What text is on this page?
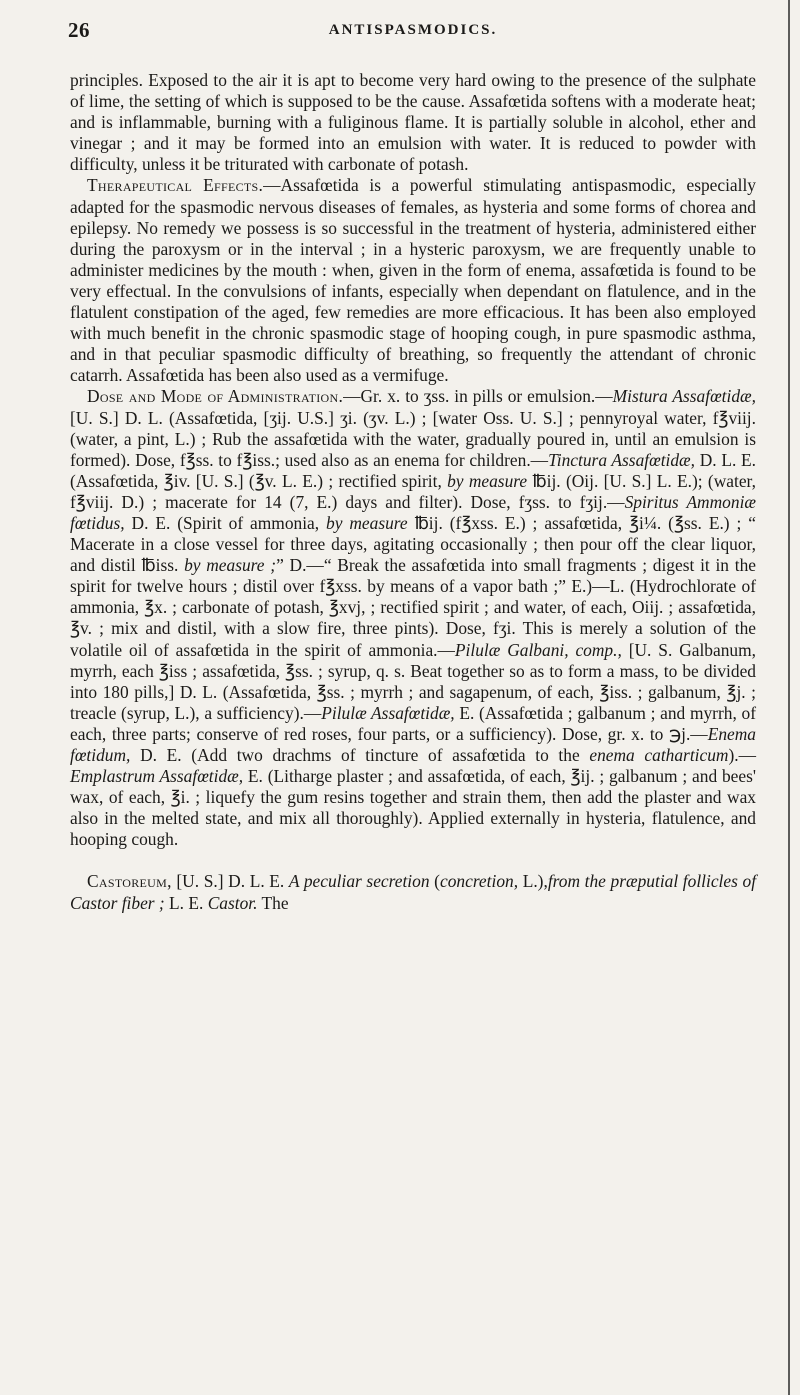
26	ANTISPASMODICS.

principles. Exposed to the air it is apt to become very hard owing to the presence of the sulphate of lime, the setting of which is supposed to be the cause. Assafœtida softens with a moderate heat; and is inflammable, burning with a fuliginous flame. It is partially soluble in alcohol, ether and vinegar ; and it may be formed into an emulsion with water. It is reduced to powder with difficulty, unless it be triturated with carbonate of potash.

Therapeutical Effects.—Assafœtida is a powerful stimulating antispasmodic, especially adapted for the spasmodic nervous diseases of females, as hysteria and some forms of chorea and epilepsy. No remedy we possess is so successful in the treatment of hysteria, administered either during the paroxysm or in the interval ; in a hysteric paroxysm, we are frequently unable to administer medicines by the mouth : when, given in the form of enema, assafœtida is found to be very effectual. In the convulsions of infants, especially when dependant on flatulence, and in the flatulent constipation of the aged, few remedies are more efficacious. It has been also employed with much benefit in the chronic spasmodic stage of hooping cough, in pure spasmodic asthma, and in that peculiar spasmodic difficulty of breathing, so frequently the attendant of chronic catarrh. Assafœtida has been also used as a vermifuge.

Dose and Mode of Administration.—Gr. x. to ʒss. in pills or emulsion.—Mistura Assafœtidæ, [U. S.] D. L. (Assafœtida, [ʒij. U.S.] ʒi. (ʒv. L.) ; [water Oss. U. S.] ; pennyroyal water, f℥viij. (water, a pint, L.) ; Rub the assafœtida with the water, gradually poured in, until an emulsion is formed). Dose, f℥ss. to f℥iss.; used also as an enema for children.—Tinctura Assafœtidæ, D. L. E. (Assafœtida, ℥iv. [U. S.] (℥v. L. E.) ; rectified spirit, by measure ℔ij. (Oij. [U. S.] L. E.); (water, f℥viij. D.) ; macerate for 14 (7, E.) days and filter). Dose, fʒss. to fʒij.—Spiritus Ammoniæ fœtidus, D. E. (Spirit of ammonia, by measure ℔ij. (f℥xss. E.) ; assafœtida, ℥i¼. (℥ss. E.) ; “ Macerate in a close vessel for three days, agitating occasionally ; then pour off the clear liquor, and distil ℔iss. by measure ;” D.—“ Break the assafœtida into small fragments ; digest it in the spirit for twelve hours ; distil over f℥xss. by means of a vapor bath ;” E.)—L. (Hydrochlorate of ammonia, ℥x. ; carbonate of potash, ℥xvj, ; rectified spirit ; and water, of each, Oiij. ; assafœtida, ℥v. ; mix and distil, with a slow fire, three pints). Dose, fʒi. This is merely a solution of the volatile oil of assafœtida in the spirit of ammonia.—Pilulæ Galbani, comp., [U. S. Galbanum, myrrh, each ℥iss ; assafœtida, ℥ss. ; syrup, q. s. Beat together so as to form a mass, to be divided into 180 pills,] D. L. (Assafœtida, ℥ss. ; myrrh ; and sagapenum, of each, ℥iss. ; galbanum, ℥j. ; treacle (syrup, L.), a sufficiency).—Pilulæ Assafœtidæ, E. (Assafœtida ; galbanum ; and myrrh, of each, three parts; conserve of red roses, four parts, or a sufficiency). Dose, gr. x. to ℈j.—Enema fœtidum, D. E. (Add two drachms of tincture of assafœtida to the enema catharticum).—Emplastrum Assafœtidæ, E. (Litharge plaster ; and assafœtida, of each, ℥ij. ; galbanum ; and bees' wax, of each, ℥i. ; liquefy the gum resins together and strain them, then add the plaster and wax also in the melted state, and mix all thoroughly). Applied externally in hysteria, flatulence, and hooping cough.

Castoreum, [U. S.] D. L. E. A peculiar secretion (concretion, L.),from the præputial follicles of Castor fiber ; L. E. Castor. The
